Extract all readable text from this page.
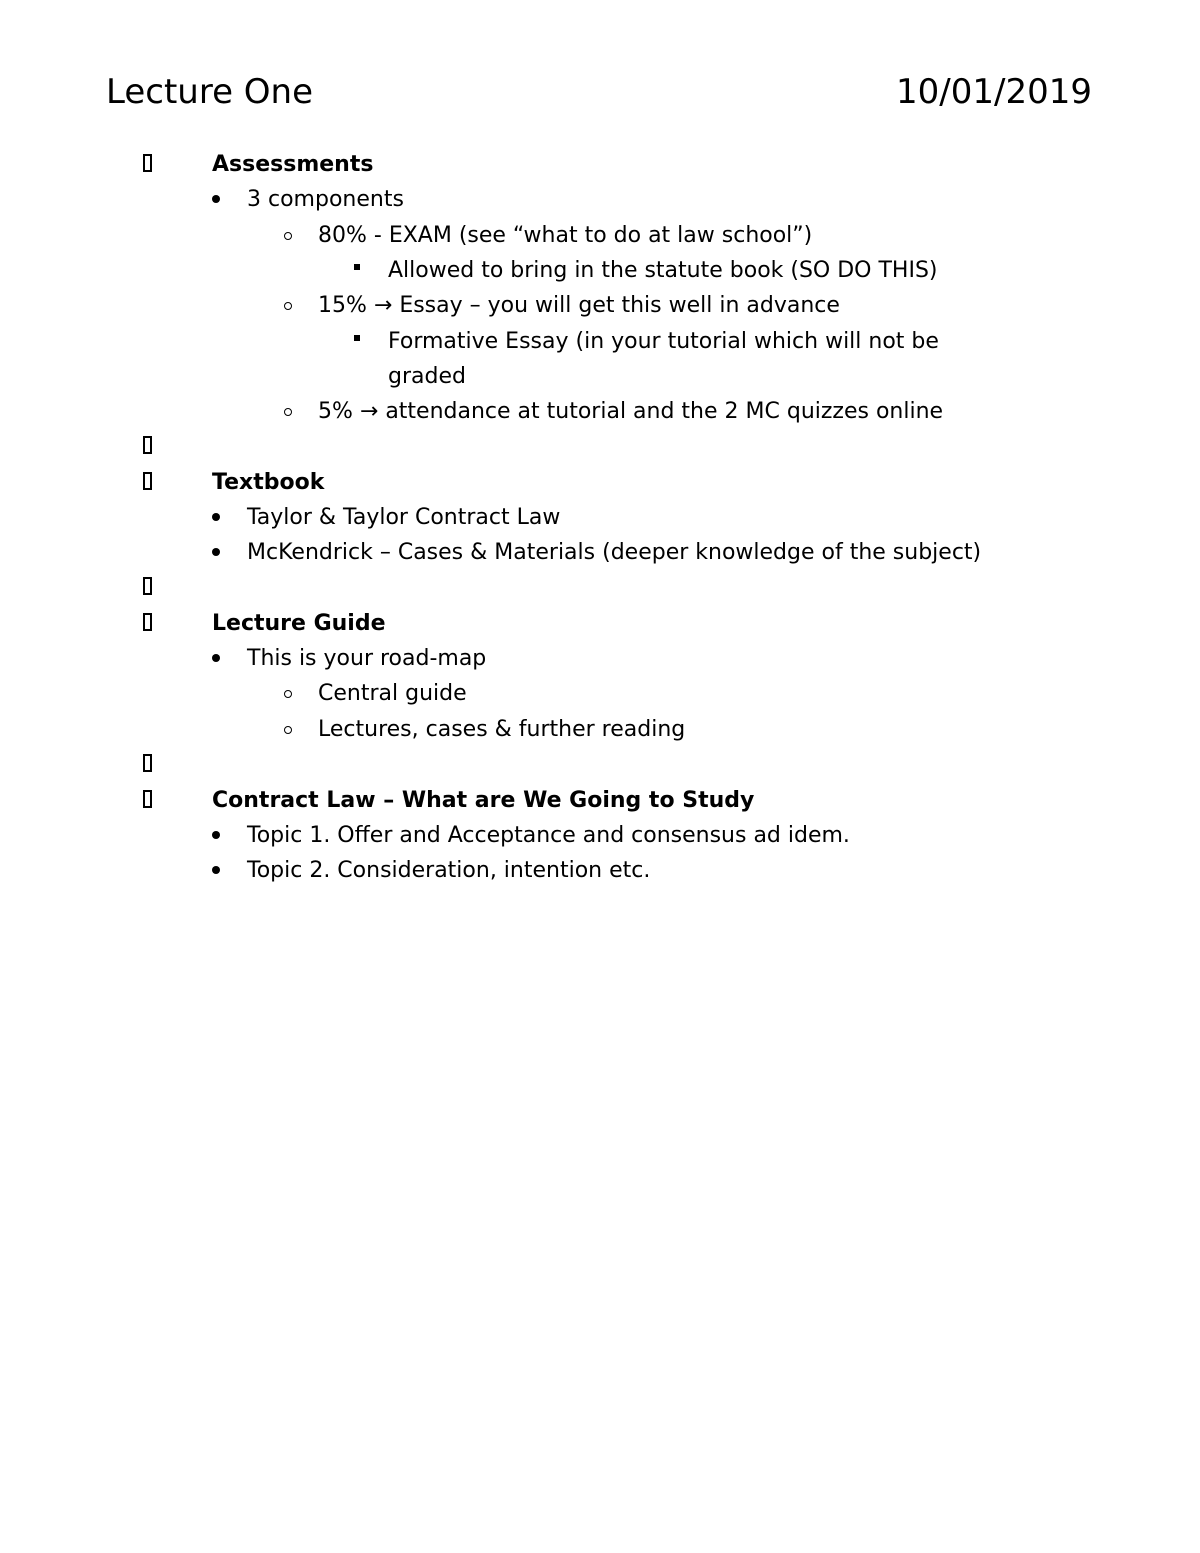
Lecture One	10/01/2019
Assessments
3 components
80% - EXAM (see “what to do at law school”)
Allowed to bring in the statute book (SO DO THIS)
15% → Essay – you will get this well in advance
Formative Essay (in your tutorial which will not be
graded
5% → attendance at tutorial and the 2 MC quizzes online
Textbook
Taylor & Taylor Contract Law
McKendrick – Cases & Materials (deeper knowledge of the subject)
Lecture Guide
This is your road-map
Central guide
Lectures, cases & further reading
Contract Law – What are We Going to Study
Topic 1. Offer and Acceptance and consensus ad idem.
Topic 2. Consideration, intention etc.
